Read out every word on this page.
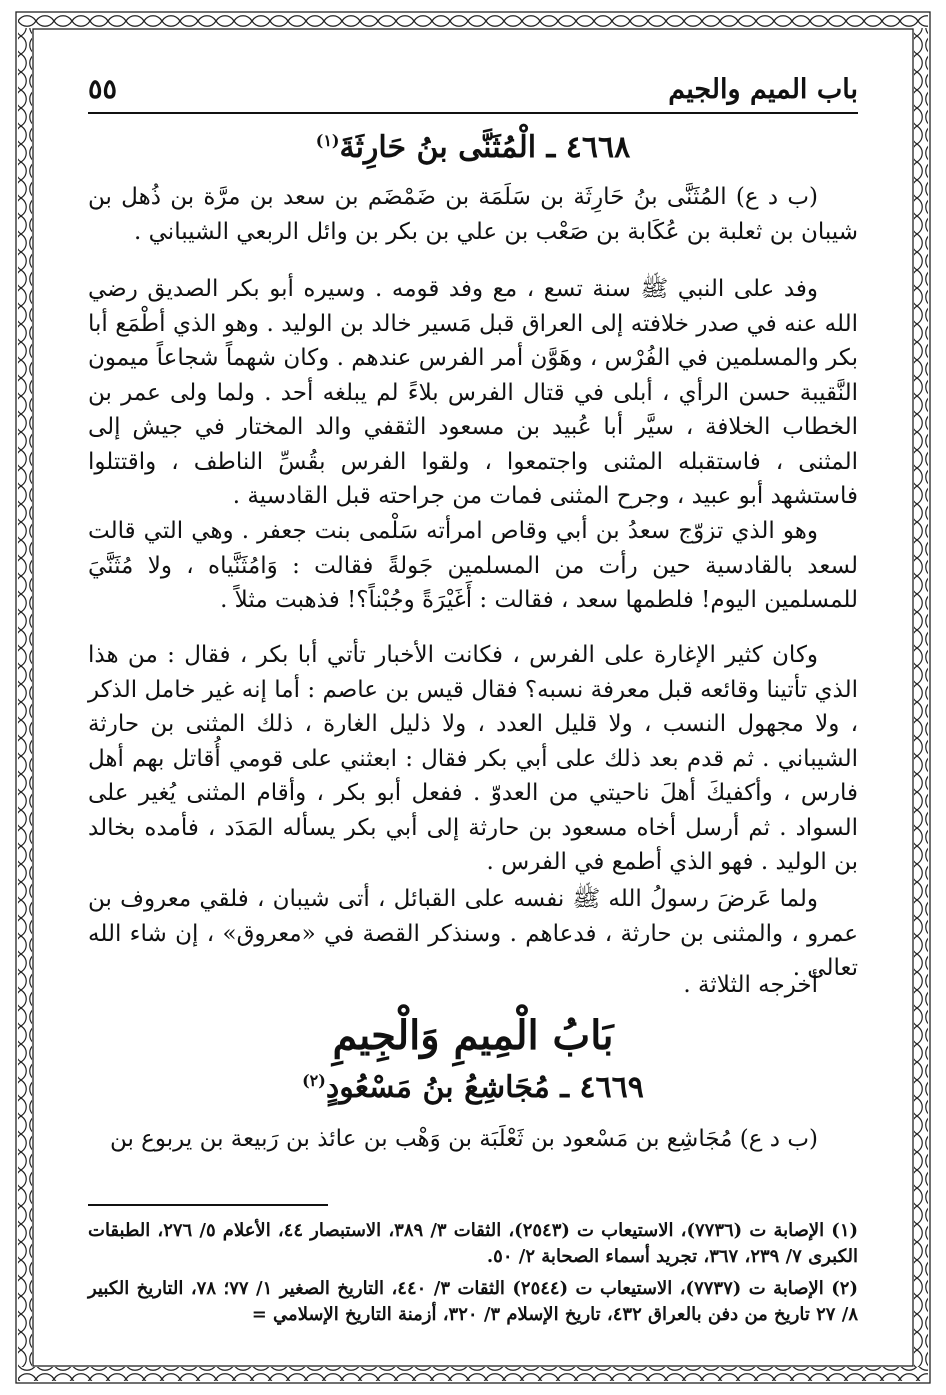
باب الميم والجيم
٥٥
٤٦٦٨ ـ الْمُثَنَّى بنُ حَارِثَةَ$^{(١)}$

(ب د ع) المُثَنَّى بنُ حَارِثَة بن سَلَمَة بن ضَمْضَم بن سعد بن مرَّة بن ذُهل بن شيبان بن ثعلبة بن عُكَابة بن صَعْب بن علي بن بكر بن وائل الربعي الشيباني .

وفد على النبي ﷺ سنة تسع ، مع وفد قومه . وسيره أبو بكر الصديق رضي الله عنه في صدر خلافته إلى العراق قبل مَسير خالد بن الوليد . وهو الذي أطْمَع أبا بكر والمسلمين في الفُرْس ، وهَوَّن أمر الفرس عندهم . وكان شهماً شجاعاً ميمون النَّقيبة حسن الرأي ، أبلى في قتال الفرس بلاءً لم يبلغه أحد . ولما ولى عمر بن الخطاب الخلافة ، سيَّر أبا عُبيد بن مسعود الثقفي والد المختار في جيش إلى المثنى ، فاستقبله المثنى واجتمعوا ، ولقوا الفرس بقُسِّ الناطف ، واقتتلوا فاستشهد أبو عبيد ، وجرح المثنى فمات من جراحته قبل القادسية .

وهو الذي تزوّج سعدُ بن أبي وقاص امرأته سَلْمى بنت جعفر . وهي التي قالت لسعد بالقادسية حين رأت من المسلمين جَولةً فقالت : وَامُثَنَّياه ، ولا مُثَنَّيَ للمسلمين اليوم! فلطمها سعد ، فقالت : أَغَيْرَةً وجُبْناً؟! فذهبت مثلاً .

وكان كثير الإغارة على الفرس ، فكانت الأخبار تأتي أبا بكر ، فقال : من هذا الذي تأتينا وقائعه قبل معرفة نسبه؟ فقال قيس بن عاصم : أما إنه غير خامل الذكر ، ولا مجهول النسب ، ولا قليل العدد ، ولا ذليل الغارة ، ذلك المثنى بن حارثة الشيباني . ثم قدم بعد ذلك على أبي بكر فقال : ابعثني على قومي أُقاتل بهم أهل فارس ، وأكفيكَ أهلَ ناحيتي من العدوّ . ففعل أبو بكر ، وأقام المثنى يُغير على السواد . ثم أرسل أخاه مسعود بن حارثة إلى أبي بكر يسأله المَدَد ، فأمده بخالد بن الوليد . فهو الذي أطمع في الفرس .

ولما عَرضَ رسولُ الله ﷺ نفسه على القبائل ، أتى شيبان ، فلقي معروف بن عمرو ، والمثنى بن حارثة ، فدعاهم . وسنذكر القصة في «معروق» ، إن شاء الله تعالى .

أخرجه الثلاثة .

بَابُ الْمِيمِ وَالْجِيمِ
٤٦٦٩ ـ مُجَاشِعُ بنُ مَسْعُودٍ$^{(٢)}$

(ب د ع) مُجَاشِع بن مَسْعود بن ثَعْلَبَة بن وَهْب بن عائذ بن رَبيعة بن يربوع بن

(١) الإصابة ت (٧٧٣٦)، الاستيعاب ت (٢٥٤٣)، الثقات ٣/ ٣٨٩، الاستبصار ٤٤، الأعلام ٥/ ٢٧٦، الطبقات الكبرى ٧/ ٢٣٩، ٣٦٧، تجريد أسماء الصحابة ٢/ ٥٠.

(٢) الإصابة ت (٧٧٣٧)، الاستيعاب ت (٢٥٤٤) الثقات ٣/ ٤٤٠، التاريخ الصغير ١/ ٧٧؛ ٧٨، التاريخ الكبير ٨/ ٢٧ تاريخ من دفن بالعراق ٤٣٢، تاريخ الإسلام ٣/ ٣٢٠، أزمنة التاريخ الإسلامي =
